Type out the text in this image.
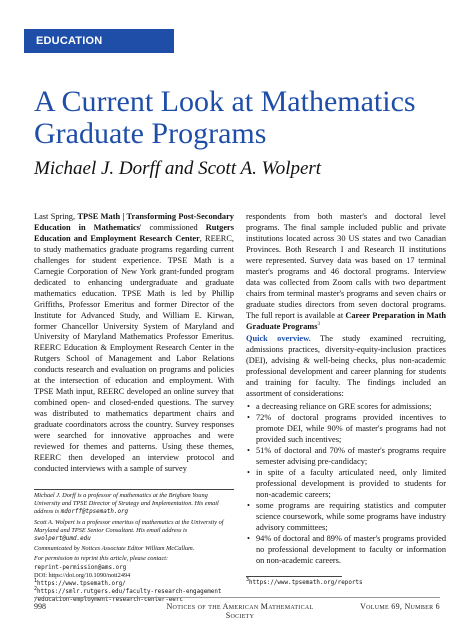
EDUCATION
A Current Look at Mathematics Graduate Programs
Michael J. Dorff and Scott A. Wolpert

Last Spring, TPSE Math | Transforming Post-Secondary Education in Mathematics' commissioned Rutgers Education and Employment Research Center, REERC, to study mathematics graduate programs regarding current challenges for student experience. TPSE Math is a Carnegie Corporation of New York grant-funded program dedicated to enhancing undergraduate and graduate mathematics education. TPSE Math is led by Phillip Griffiths, Professor Emeritus and former Director of the Institute for Advanced Study, and William E. Kirwan, former Chancellor University System of Maryland and University of Maryland Mathematics Professor Emeritus. REERC Education & Employment Research Center in the Rutgers School of Management and Labor Relations conducts research and evaluation on programs and policies at the intersection of education and employment. With TPSE Math input, REERC developed an online survey that combined open- and closed-ended questions. The survey was distributed to mathematics department chairs and graduate coordinators across the country. Survey responses were searched for innovative approaches and were reviewed for themes and patterns. Using these themes, REERC then developed an interview protocol and conducted interviews with a sample of survey

Michael J. Dorff is a professor of mathematics at the Brigham Young University and TPSE Director of Strategy and Implementation. His email address is mdorff@tpsemath.org

Scott A. Wolpert is a professor emeritus of mathematics at the University of Maryland and TPSE Senior Consultant. His email address is swolpert@umd.edu

Communicated by Notices Associate Editor William McCallum.

For permission to reprint this article, please contact:

reprint-permission@ams.org

DOI: https://doi.org/10.1090/noti2494

$^1$https://www.tpsemath.org/

$^2$https://smlr.rutgers.edu/faculty-research-engagement

/education-employment-research-center-eerc

respondents from both master's and doctoral level programs. The final sample included public and private institutions located across 30 US states and two Canadian Provinces. Both Research I and Research II institutions were represented. Survey data was based on 17 terminal master's programs and 46 doctoral programs. Interview data was collected from Zoom calls with two department chairs from terminal master's programs and seven chairs or graduate studies directors from seven doctoral programs. The full report is available at Career Preparation in Math Graduate Programs$^3$

Quick overview. The study examined recruiting, admissions practices, diversity-equity-inclusion practices (DEI), advising & well-being checks, plus non-academic professional development and career planning for students and training for faculty. The findings included an assortment of considerations:

• a decreasing reliance on GRE scores for admissions;
• 72% of doctoral programs provided incentives to promote DEI, while 90% of master's programs had not provided such incentives;
• 51% of doctoral and 70% of master's programs require semester advising pre-candidacy;
• in spite of a faculty articulated need, only limited professional development is provided to students for non-academic careers;
• some programs are requiring statistics and computer science coursework, while some programs have industry advisory committees;
• 94% of doctoral and 89% of master's programs provided no professional development to faculty or information on non-academic careers.

$^3$https://www.tpsemath.org/reports

998	Notices of the American Mathematical Society
Volume 69, Number 6
